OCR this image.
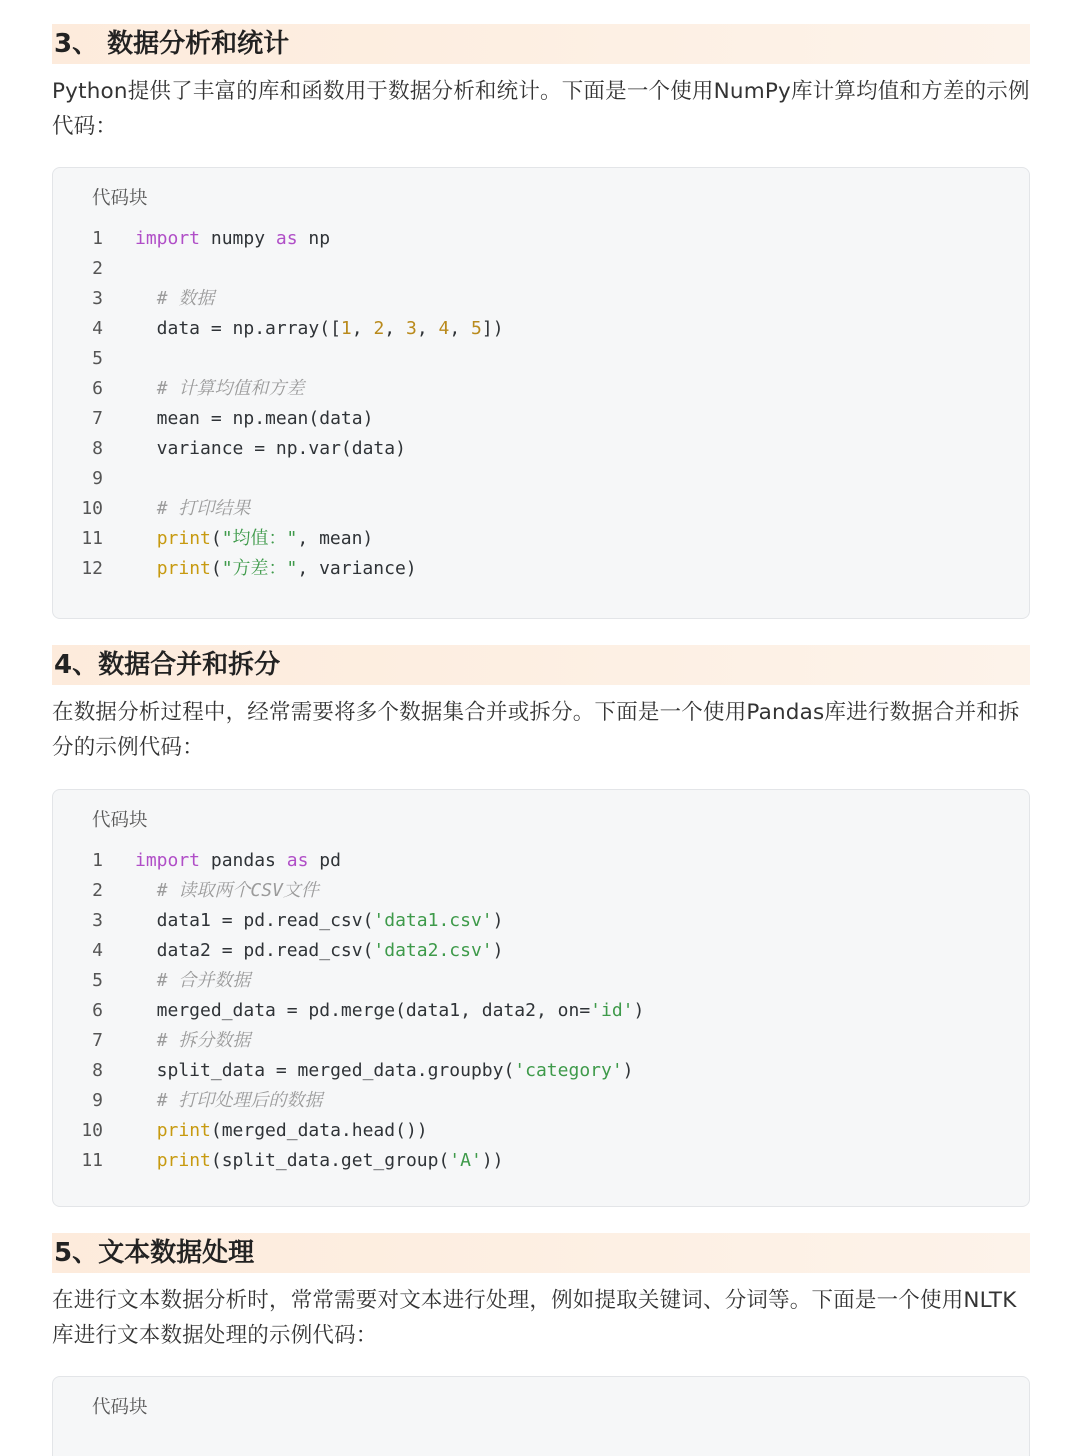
3、 数据分析和统计
Python提供了丰富的库和函数用于数据分析和统计。下面是一个使用NumPy库计算均值和方差的示例代码：
代码块
1 import numpy as np
2
3	# 数据
4 data = np.array([1, 2, 3, 4, 5])
5
6	# 计算均值和方差
7 mean = np.mean(data)
8 variance = np.var(data)
9
10	# 打印结果
11	print("均值：", mean)
12	print("方差：", variance)
4、数据合并和拆分
在数据分析过程中，经常需要将多个数据集合并或拆分。下面是一个使用Pandas库进行数据合并和拆分的示例代码：
代码块
1 import pandas as pd
2	# 读取两个CSV文件
3 data1 = pd.read_csv('data1.csv')
4 data2 = pd.read_csv('data2.csv')
5	# 合并数据
6 merged_data = pd.merge(data1, data2, on='id')
7	# 拆分数据
8 split_data = merged_data.groupby('category')
9	# 打印处理后的数据
10	print(merged_data.head())
11	print(split_data.get_group('A'))
5、文本数据处理
在进行文本数据分析时，常常需要对文本进行处理，例如提取关键词、分词等。下面是一个使用NLTK库进行文本数据处理的示例代码：
代码块
